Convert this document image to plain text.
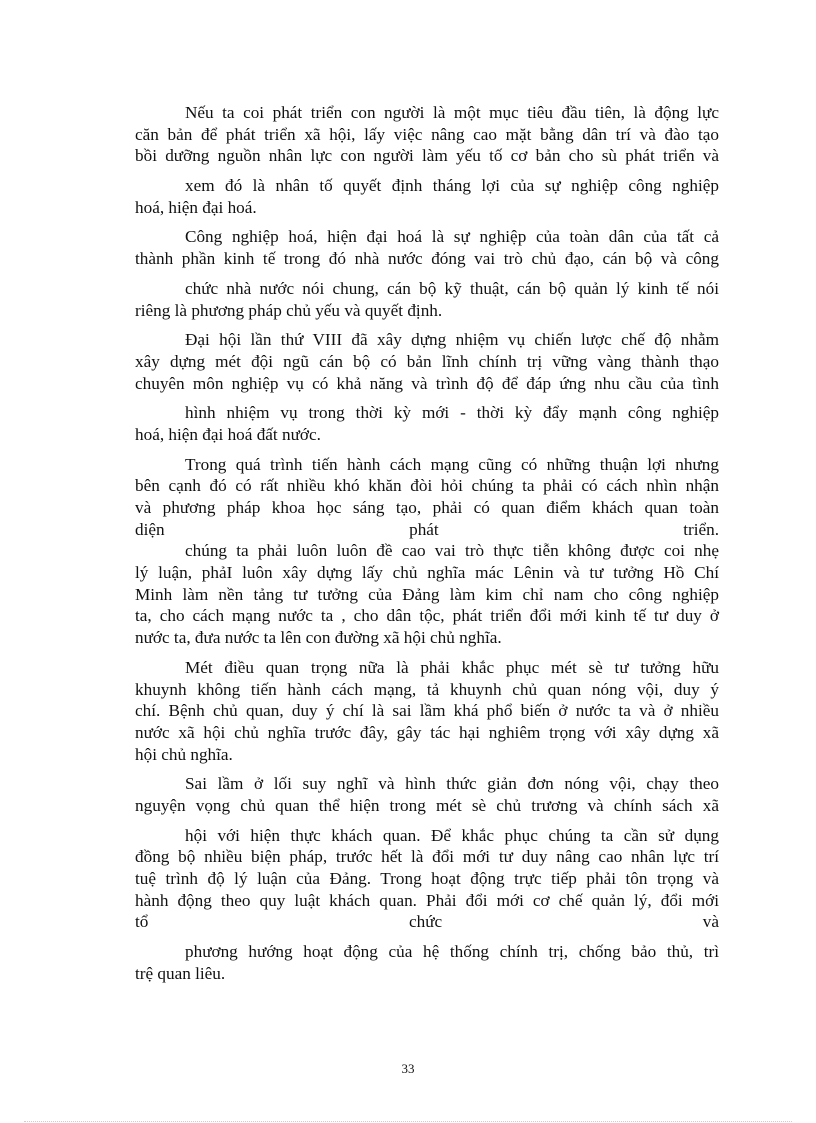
Nếu ta coi phát triển con người là một mục tiêu đầu tiên, là động lực
căn bản để phát triển xã hội, lấy việc nâng cao mặt bằng dân trí và đào tạo
bồi dưỡng nguồn nhân lực con người làm yếu tố cơ bản cho sù phát triển và
xem đó là nhân tố quyết định tháng lợi của sự nghiệp công nghiệp
hoá, hiện đại hoá.
Công nghiệp hoá, hiện đại hoá là sự nghiệp của toàn dân của tất cả
thành phần kinh tế trong đó nhà nước đóng vai trò chủ đạo, cán bộ và công
chức nhà nước nói chung, cán bộ kỹ thuật, cán bộ quản lý kinh tế nói
riêng là phương pháp chủ yếu và quyết định.
Đại hội lần thứ VIII đã xây dựng nhiệm vụ chiến lược chế độ nhằm
xây dựng mét đội ngũ cán bộ có bản lĩnh chính trị vững vàng thành thạo
chuyên môn nghiệp vụ có khả năng và trình độ để đáp ứng nhu cầu của tình
hình nhiệm vụ trong thời kỳ mới - thời kỳ đẩy mạnh công nghiệp
hoá, hiện đại hoá đất nước.
Trong quá trình tiến hành cách mạng cũng có những thuận lợi nhưng
bên cạnh đó có rất nhiều khó khăn đòi hỏi chúng ta phải có cách nhìn nhận
và phương pháp khoa học sáng tạo, phải có quan điểm khách quan toàn
diện phát triển.
chúng ta phải luôn luôn đề cao vai trò thực tiễn không được coi nhẹ
lý luận, phảI luôn xây dựng lấy chủ nghĩa mác Lênin và tư tưởng Hồ Chí
Minh làm nền tảng tư tưởng của Đảng làm kim chỉ nam cho công nghiệp
ta, cho cách mạng nước ta , cho dân tộc, phát triển đổi mới kinh tế tư duy ở
nước ta, đưa nước ta lên con đường xã hội chủ nghĩa.
Mét điều quan trọng nữa là phải khắc phục mét sè tư tưởng hữu
khuynh không tiến hành cách mạng, tả khuynh chủ quan nóng vội, duy ý
chí. Bệnh chủ quan, duy ý chí là sai lầm khá phổ biến ở nước ta và ở nhiều
nước xã hội chủ nghĩa trước đây, gây tác hại nghiêm trọng với xây dựng xã
hội chủ nghĩa.
Sai lầm ở lối suy nghĩ và hình thức giản đơn nóng vội, chạy theo
nguyện vọng chủ quan thể hiện trong mét sè chủ trương và chính sách xã
hội với hiện thực khách quan. Để khắc phục chúng ta cần sử dụng
đồng bộ nhiều biện pháp, trước hết là đổi mới tư duy nâng cao nhân lực trí
tuệ trình độ lý luận của Đảng. Trong hoạt động trực tiếp phải tôn trọng và
hành động theo quy luật khách quan. Phải đổi mới cơ chế quản lý, đổi mới
tổ chức và
phương hướng hoạt động của hệ thống chính trị, chống bảo thủ, trì
trệ quan liêu.
33
